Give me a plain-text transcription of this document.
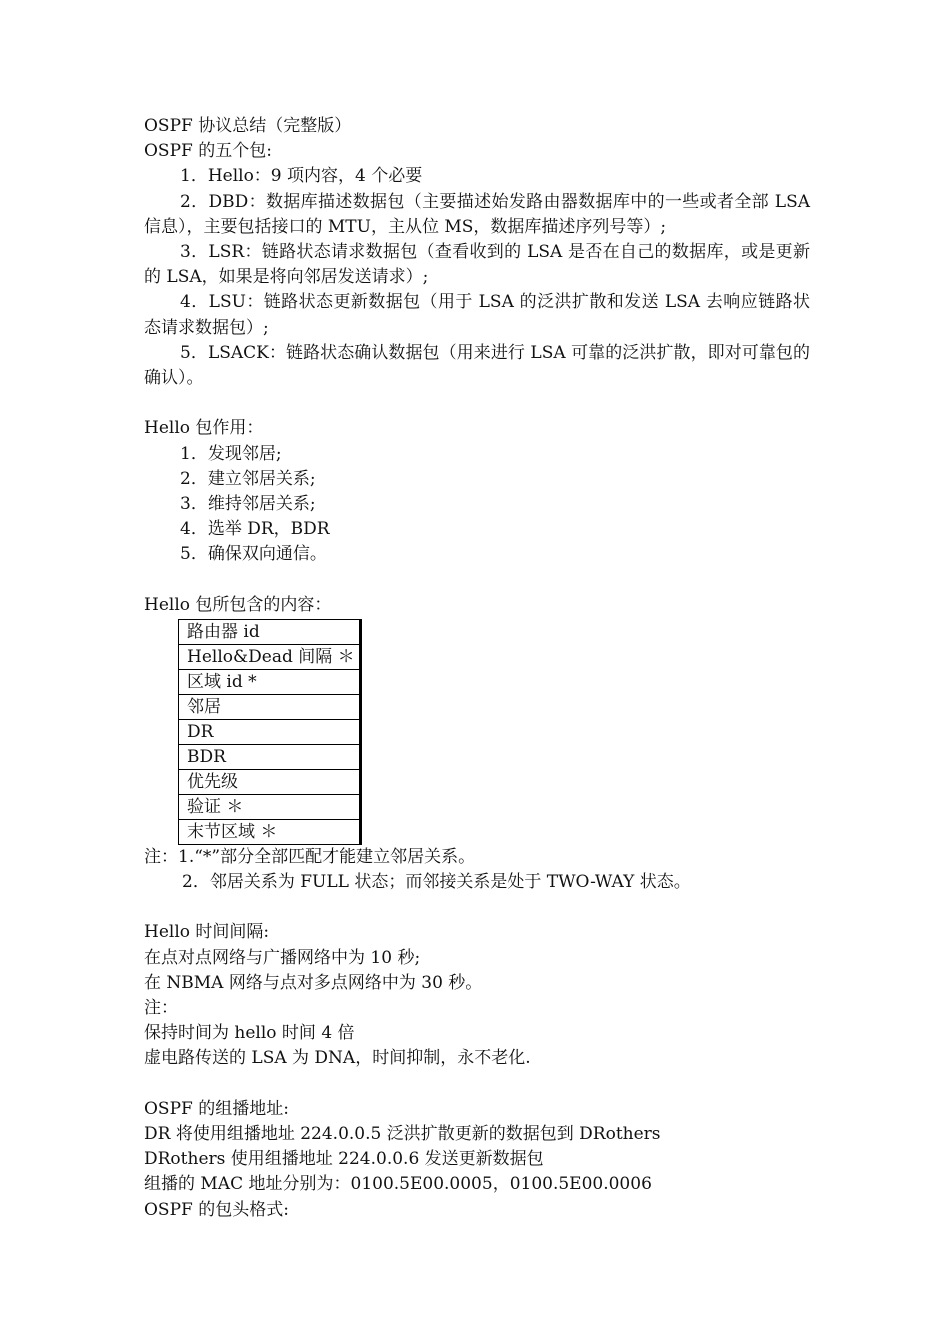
OSPF 协议总结（完整版）
OSPF 的五个包:
1．Hello：9 项内容，4 个必要
2．DBD：数据库描述数据包（主要描述始发路由器数据库中的一些或者全部 LSA 信息），主要包括接口的 MTU，主从位 MS，数据库描述序列号等）;
3．LSR：链路状态请求数据包（查看收到的 LSA 是否在自己的数据库，或是更新的 LSA，如果是将向邻居发送请求）;
4．LSU：链路状态更新数据包（用于 LSA 的泛洪扩散和发送 LSA 去响应链路状态请求数据包）;
5．LSACK：链路状态确认数据包（用来进行 LSA 可靠的泛洪扩散，即对可靠包的确认）。
Hello 包作用：
1．发现邻居;
2．建立邻居关系;
3．维持邻居关系;
4．选举 DR，BDR
5．确保双向通信。
Hello 包所包含的内容：
路由器 id
Hello&Dead 间隔 ＊
区域 id *
邻居
DR
BDR
优先级
验证 ＊
末节区域 ＊
注：1.“*”部分全部匹配才能建立邻居关系。
2．邻居关系为 FULL 状态；而邻接关系是处于 TWO-WAY 状态。
Hello 时间间隔:
在点对点网络与广播网络中为 10 秒;
在 NBMA 网络与点对多点网络中为 30 秒。
注：
保持时间为 hello 时间 4 倍
虚电路传送的 LSA 为 DNA，时间抑制，永不老化.
OSPF 的组播地址:
DR 将使用组播地址 224.0.0.5 泛洪扩散更新的数据包到 DRothers
DRothers 使用组播地址 224.0.0.6 发送更新数据包
组播的 MAC 地址分别为：0100.5E00.0005，0100.5E00.0006
OSPF 的包头格式:
